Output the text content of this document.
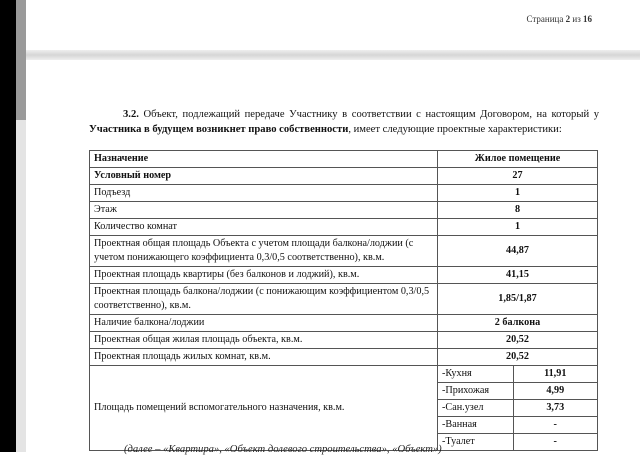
Страница 2 из 16
3.2. Объект, подлежащий передаче Участнику в соответствии с настоящим Договором, на который у Участника в будущем возникнет право собственности, имеет следующие проектные характеристики:
Назначение	Жилое помещение
Условный номер	27
Подъезд	1
Этаж	8
Количество комнат	1
Проектная общая площадь Объекта с учетом площади балкона/лоджии (с учетом понижающего коэффициента 0,3/0,5 соответственно), кв.м.	44,87
Проектная площадь квартиры (без балконов и лоджий), кв.м.	41,15
Проектная площадь балкона/лоджии (с понижающим коэффициентом 0,3/0,5 соответственно), кв.м.	1,85/1,87
Наличие балкона/лоджии	2 балкона
Проектная общая жилая площадь объекта, кв.м.	20,52
Проектная площадь жилых комнат, кв.м.	20,52
Площадь помещений вспомогательного назначения, кв.м.	
-Кухня	11,91
-Прихожая	4,99
-Сан.узел	3,73
-Ванная	-
-Туалет	-
(далее – «Квартира», «Объект долевого строительства», «Объект»)
